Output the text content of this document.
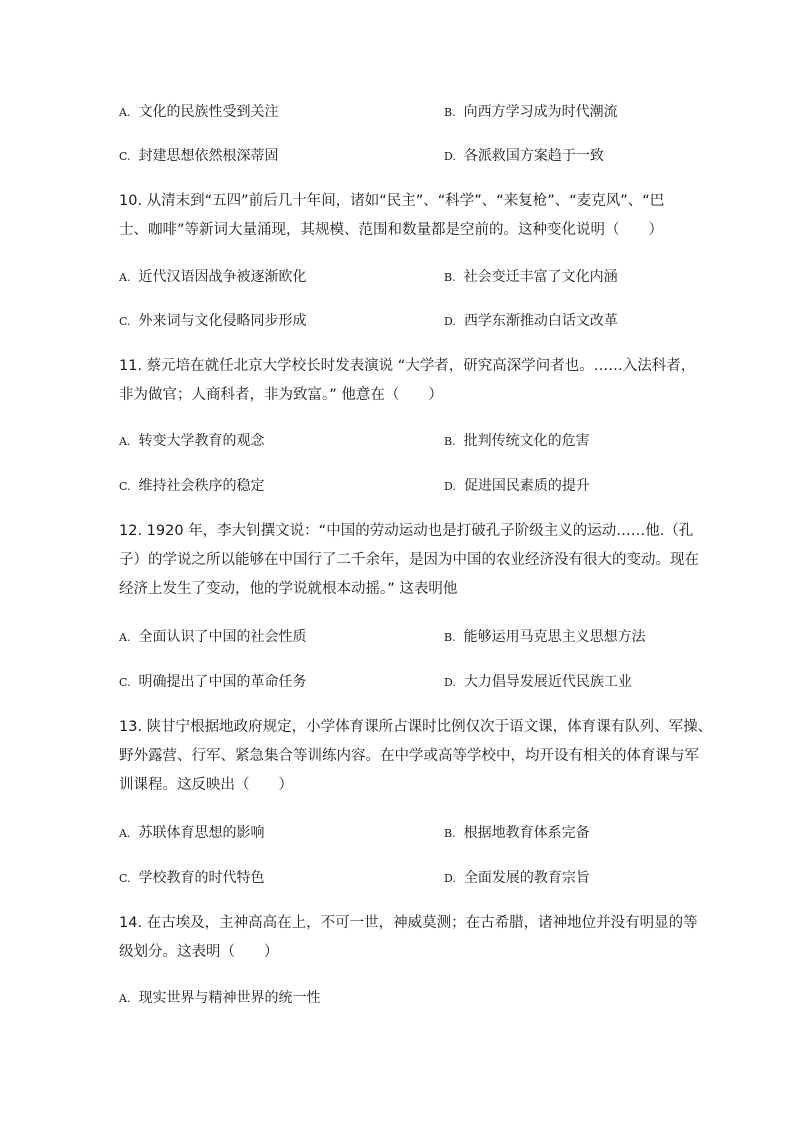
A. 文化的民族性受到关注	B. 向西方学习成为时代潮流
C. 封建思想依然根深蒂固	D. 各派救国方案趋于一致
10. 从清末到“五四”前后几十年间，诸如“民主”、“科学”、“来复枪”、“麦克风”、“巴
士、咖啡”等新词大量涌现，其规模、范围和数量都是空前的。这种变化说明（　　）
A. 近代汉语因战争被逐渐欧化	B. 社会变迁丰富了文化内涵
C. 外来词与文化侵略同步形成	D. 西学东渐推动白话文改革
11. 蔡元培在就任北京大学校长时发表演说 “大学者，研究高深学问者也。……入法科者，
非为做官；人商科者，非为致富。” 他意在（　　）
A. 转变大学教育的观念	B. 批判传统文化的危害
C. 维持社会秩序的稳定	D. 促进国民素质的提升
12. 1920 年，李大钊撰文说：“中国的劳动运动也是打破孔子阶级主义的运动……他.（孔
子）的学说之所以能够在中国行了二千余年，是因为中国的农业经济没有很大的变动。现在
经济上发生了变动，他的学说就根本动摇。” 这表明他
A. 全面认识了中国的社会性质	B. 能够运用马克思主义思想方法
C. 明确提出了中国的革命任务	D. 大力倡导发展近代民族工业
13. 陕甘宁根据地政府规定，小学体育课所占课时比例仅次于语文课，体育课有队列、军操、
野外露营、行军、紧急集合等训练内容。在中学或高等学校中，均开设有相关的体育课与军
训课程。这反映出（　　）
A. 苏联体育思想的影响	B. 根据地教育体系完备
C. 学校教育的时代特色	D. 全面发展的教育宗旨
14. 在古埃及，主神高高在上，不可一世，神威莫测；在古希腊，诸神地位并没有明显的等
级划分。这表明（　　）
A. 现实世界与精神世界的统一性
